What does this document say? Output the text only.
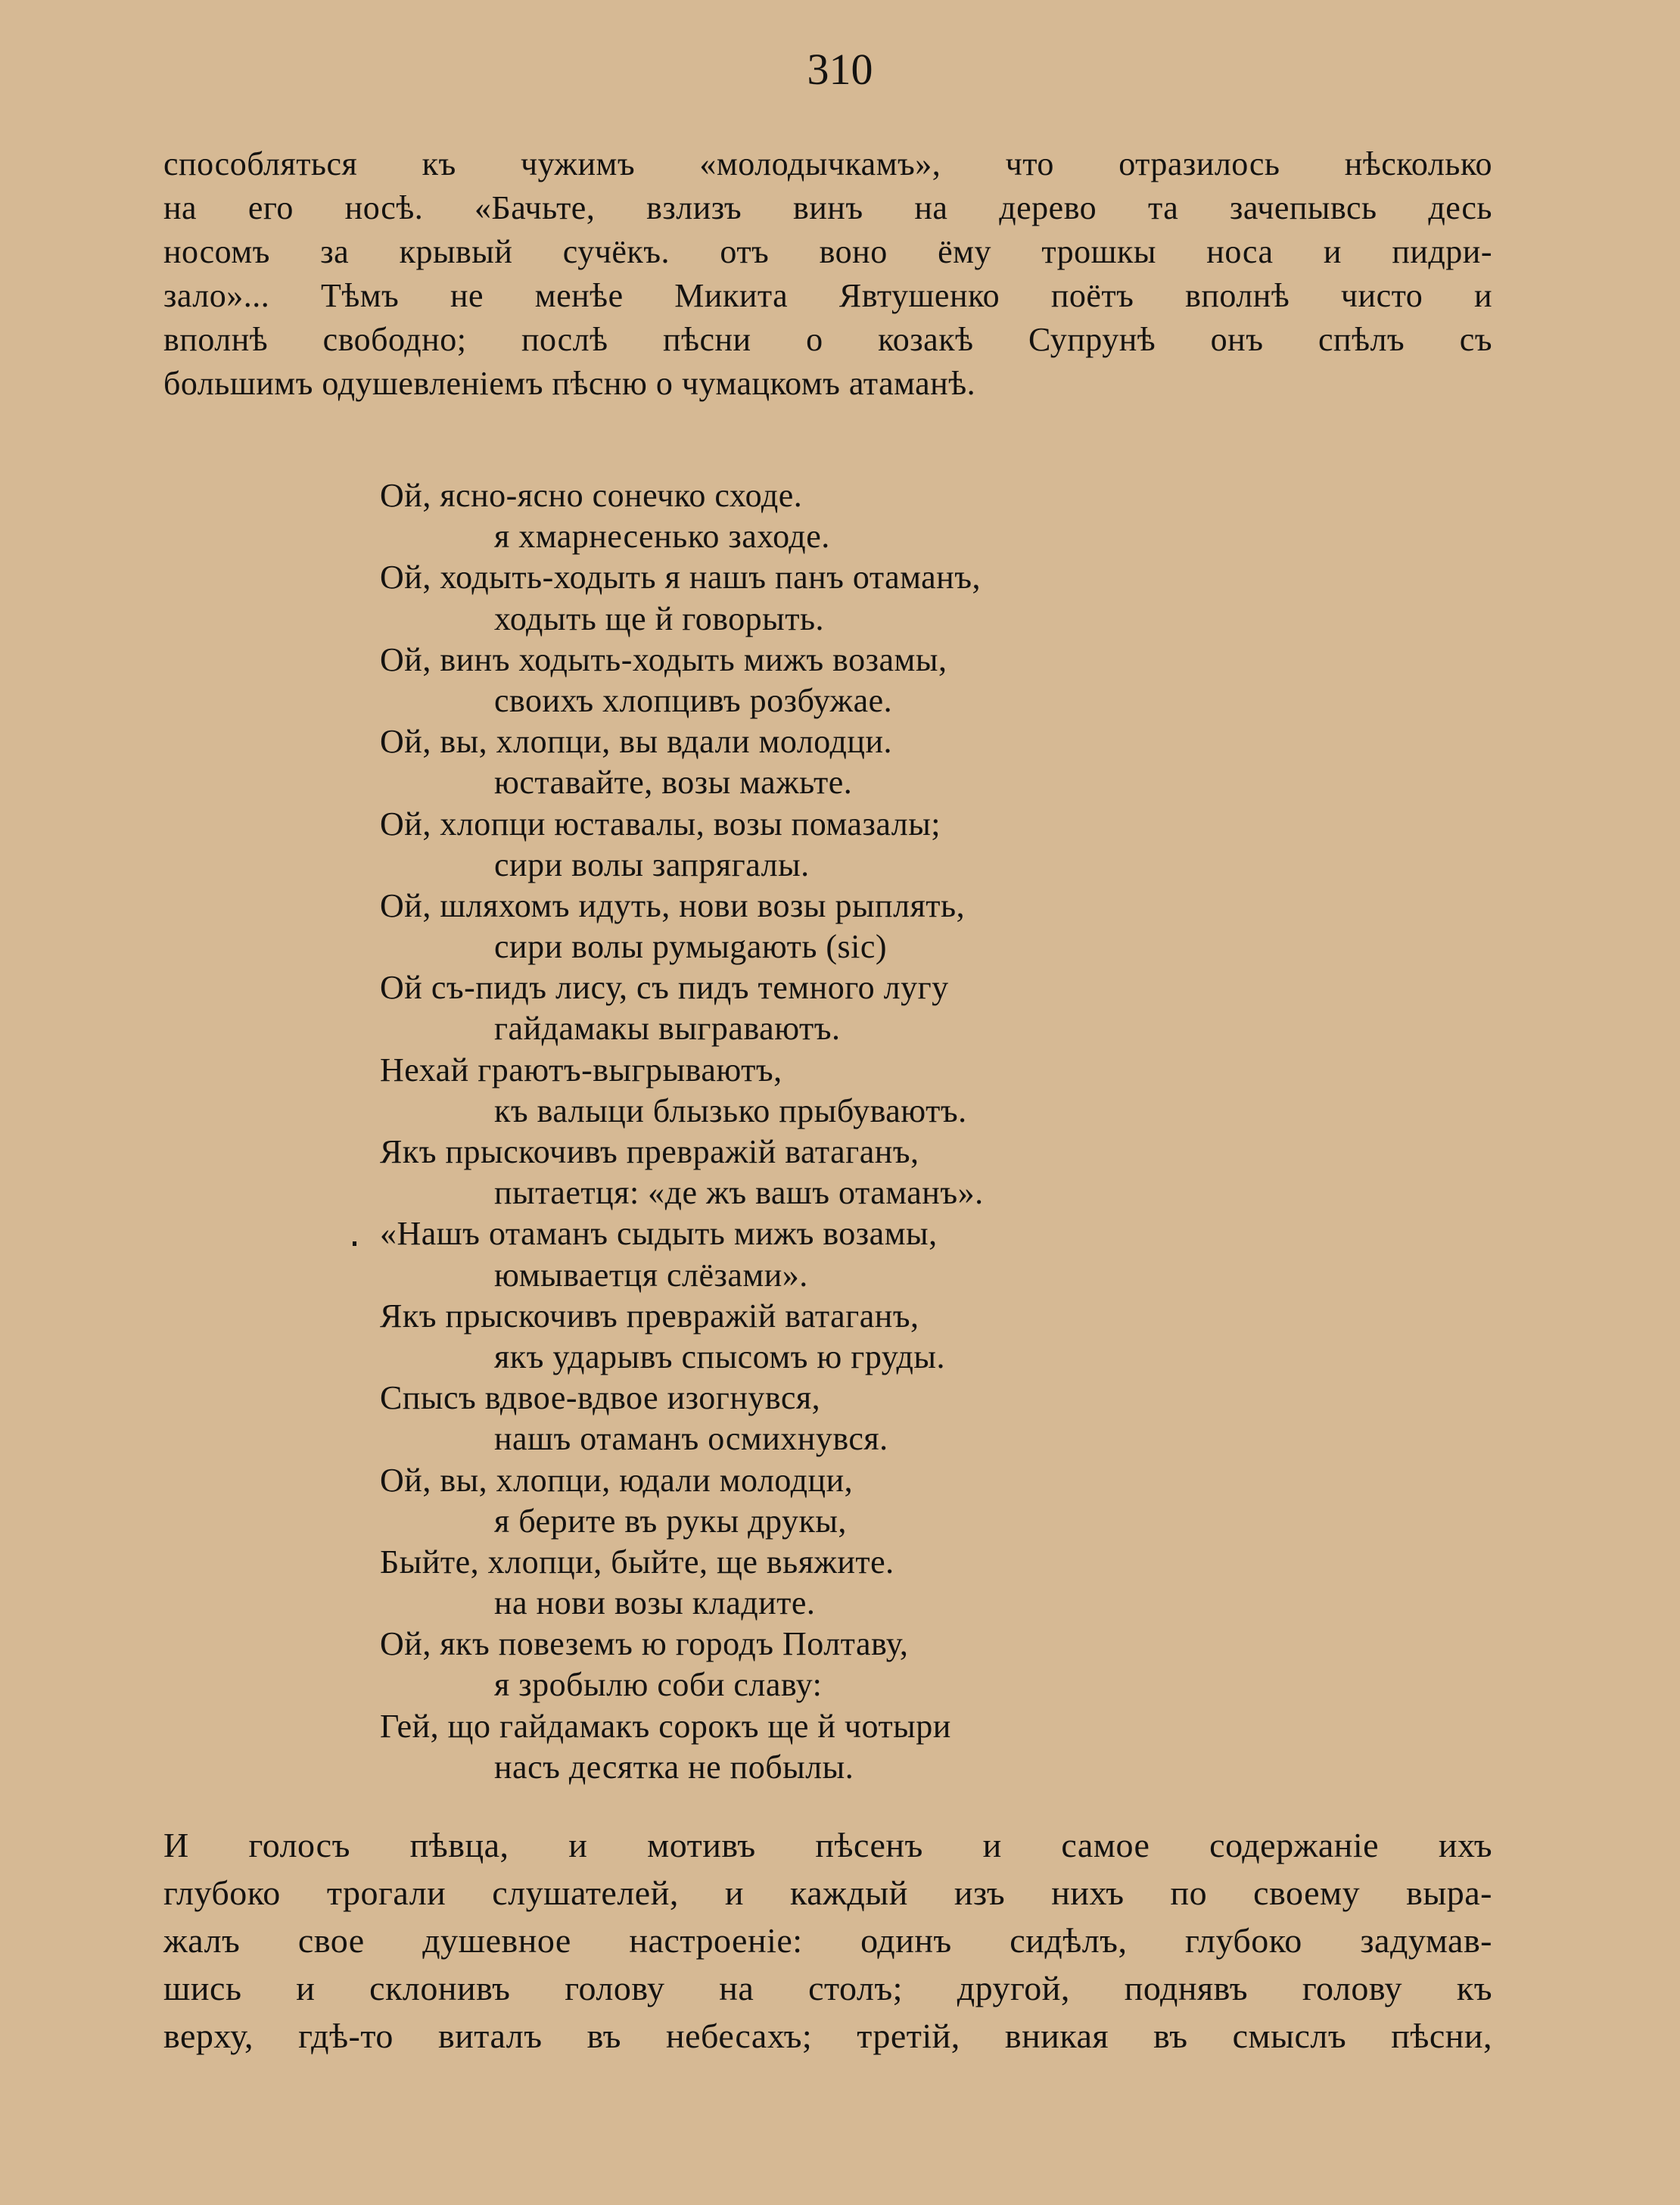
310
способляться къ чужимъ «молодычкамъ», что отразилось нѣсколько
на его носѣ. «Бачьте, взлизъ винъ на дерево та зачепывсь десь
носомъ за крывый сучёкъ. отъ воно ёму трошкы носа и пидри-
зало»... Тѣмъ не менѣе Микита Явтушенко поётъ вполнѣ чисто и
вполнѣ свободно; послѣ пѣсни о козакѣ Супрунѣ онъ спѣлъ съ
большимъ одушевленіемъ пѣсню о чумацкомъ атаманѣ.
Ой, ясно-ясно сонечко сходе.
я хмарнесенько заходе.
Ой, ходыть-ходыть я нашъ панъ отаманъ,
ходыть ще й говорыть.
Ой, винъ ходыть-ходыть мижъ возамы,
своихъ хлопцивъ розбужае.
Ой, вы, хлопци, вы вдали молодци.
юставайте, возы мажьте.
Ой, хлопци юставалы, возы помазалы;
сири волы запрягалы.
Ой, шляхомъ идуть, нови возы рыплять,
сири волы румыgають (sic)
Ой съ-пидъ лису, съ пидъ темного лугу
гайдамакы выграваютъ.
Нехай граютъ-выгрываютъ,
къ валыци блызько прыбуваютъ.
Якъ прыскочивъ превражій ватаганъ,
пытаетця: «де жъ вашъ отаманъ».
«Нашъ отаманъ сыдыть мижъ возамы,
юмываетця слёзами».
Якъ прыскочивъ превражій ватаганъ,
якъ ударывъ спысомъ ю груды.
Спысъ вдвое-вдвое изогнувся,
нашъ отаманъ осмихнувся.
Ой, вы, хлопци, юдали молодци,
я берите въ рукы друкы,
Быйте, хлопци, быйте, ще вьяжите.
на нови возы кладите.
Ой, якъ повеземъ ю городъ Полтаву,
я зробылю соби славу:
Гей, що гайдамакъ сорокъ ще й чотыри
насъ десятка не побылы.
И голосъ пѣвца, и мотивъ пѣсенъ и самое содержаніе ихъ
глубоко трогали слушателей, и каждый изъ нихъ по своему выра-
жалъ свое душевное настроеніе: одинъ сидѣлъ, глубоко задумав-
шись и склонивъ голову на столъ; другой, поднявъ голову къ
верху, гдѣ-то виталъ въ небесахъ; третій, вникая въ смыслъ пѣсни,
